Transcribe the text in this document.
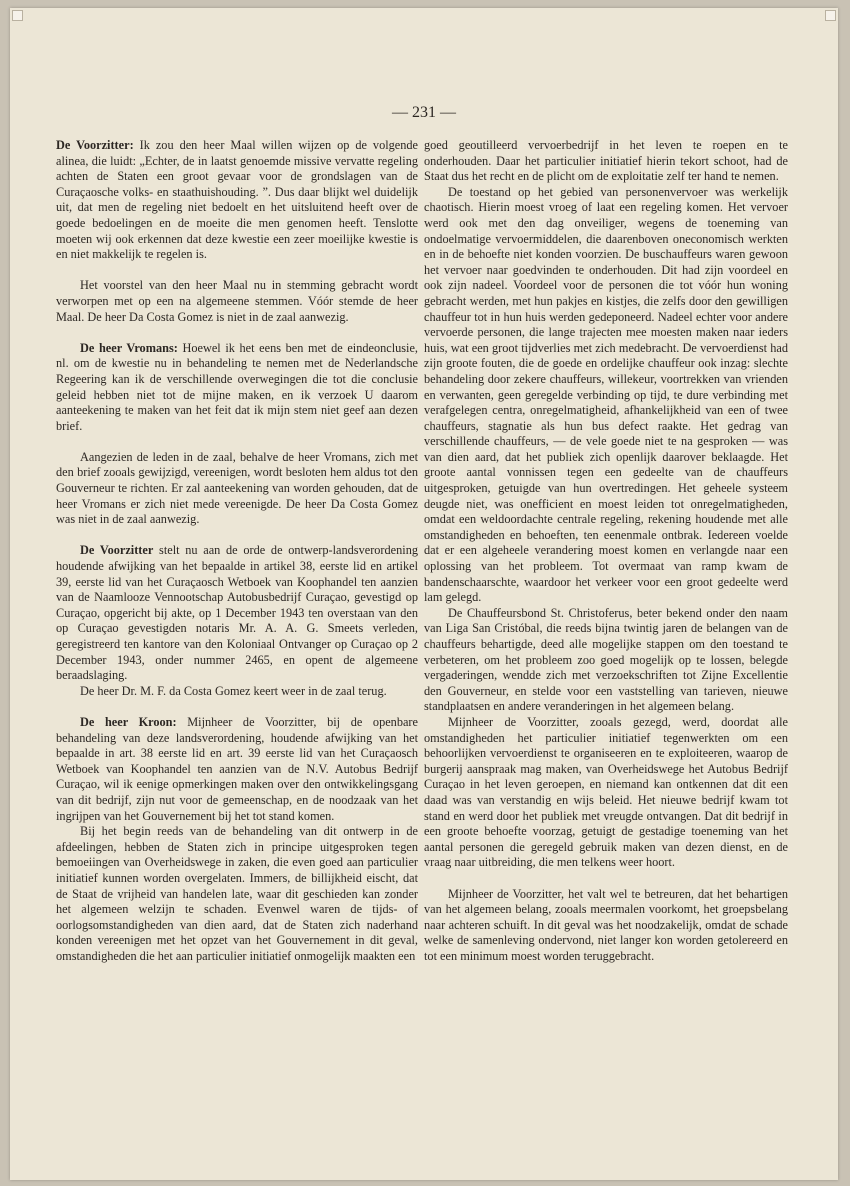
— 231 —

De Voorzitter: Ik zou den heer Maal willen wijzen op de volgende alinea, die luidt: „Echter, de in laatst genoemde missive vervatte regeling achten de Staten een groot gevaar voor de grondslagen van de Curaçaosche volks- en staathuishouding. ”. Dus daar blijkt wel duidelijk uit, dat men de regeling niet bedoelt en het uitsluitend heeft over de goede bedoelingen en de moeite die men genomen heeft. Tenslotte moeten wij ook erkennen dat deze kwestie een zeer moeilijke kwestie is en niet makkelijk te regelen is.

Het voorstel van den heer Maal nu in stemming gebracht wordt verworpen met op een na algemeene stemmen. Vóór stemde de heer Maal. De heer Da Costa Gomez is niet in de zaal aanwezig.

De heer Vromans: Hoewel ik het eens ben met de eindeonclusie, nl. om de kwestie nu in behandeling te nemen met de Nederlandsche Regeering kan ik de verschillende overwegingen die tot die conclusie geleid hebben niet tot de mijne maken, en ik verzoek U daarom aanteekening te maken van het feit dat ik mijn stem niet geef aan dezen brief.

Aangezien de leden in de zaal, behalve de heer Vromans, zich met den brief zooals gewijzigd, vereenigen, wordt besloten hem aldus tot den Gouverneur te richten. Er zal aanteekening van worden gehouden, dat de heer Vromans er zich niet mede vereenigde. De heer Da Costa Gomez was niet in de zaal aanwezig.

De Voorzitter stelt nu aan de orde de ontwerp-landsverordening houdende afwijking van het bepaalde in artikel 38, eerste lid en artikel 39, eerste lid van het Curaçaosch Wetboek van Koophandel ten aanzien van de Naamlooze Vennootschap Autobusbedrijf Curaçao, gevestigd op Curaçao, opgericht bij akte, op 1 December 1943 ten overstaan van den op Curaçao gevestigden notaris Mr. A. A. G. Smeets verleden, geregistreerd ten kantore van den Koloniaal Ontvanger op Curaçao op 2 December 1943, onder nummer 2465, en opent de algemeene beraadslaging.

De heer Dr. M. F. da Costa Gomez keert weer in de zaal terug.

De heer Kroon: Mijnheer de Voorzitter, bij de openbare behandeling van deze landsverordening, houdende afwijking van het bepaalde in art. 38 eerste lid en art. 39 eerste lid van het Curaçaosch Wetboek van Koophandel ten aanzien van de N.V. Autobus Bedrijf Curaçao, wil ik eenige opmerkingen maken over den ontwikkelingsgang van dit bedrijf, zijn nut voor de gemeenschap, en de noodzaak van het ingrijpen van het Gouvernement bij het tot stand komen.

Bij het begin reeds van de behandeling van dit ontwerp in de afdeelingen, hebben de Staten zich in principe uitgesproken tegen bemoeiingen van Overheidswege in zaken, die even goed aan particulier initiatief kunnen worden overgelaten. Immers, de billijkheid eischt, dat de Staat de vrijheid van handelen late, waar dit geschieden kan zonder het algemeen welzijn te schaden. Evenwel waren de tijds- of oorlogsomstandigheden van dien aard, dat de Staten zich naderhand konden vereenigen met het opzet van het Gouvernement in dit geval, omstandigheden die het aan particulier initiatief onmogelijk maakten een

goed geoutilleerd vervoerbedrijf in het leven te roepen en te onderhouden. Daar het particulier initiatief hierin tekort schoot, had de Staat dus het recht en de plicht om de exploitatie zelf ter hand te nemen.

De toestand op het gebied van personenvervoer was werkelijk chaotisch. Hierin moest vroeg of laat een regeling komen. Het vervoer werd ook met den dag onveiliger, wegens de toeneming van ondoelmatige vervoermiddelen, die daarenboven oneconomisch werkten en in de behoefte niet konden voorzien. De buschauffeurs waren gewoon het vervoer naar goedvinden te onderhouden. Dit had zijn voordeel en ook zijn nadeel. Voordeel voor de personen die tot vóór hun woning gebracht werden, met hun pakjes en kistjes, die zelfs door den gewilligen chauffeur tot in hun huis werden gedeponeerd. Nadeel echter voor andere vervoerde personen, die lange trajecten mee moesten maken naar ieders huis, wat een groot tijdverlies met zich medebracht. De vervoerdienst had zijn groote fouten, die de goede en ordelijke chauffeur ook inzag: slechte behandeling door zekere chauffeurs, willekeur, voortrekken van vrienden en verwanten, geen geregelde verbinding op tijd, te dure verbinding met verafgelegen centra, onregelmatigheid, afhankelijkheid van een of twee chauffeurs, stagnatie als hun bus defect raakte. Het gedrag van verschillende chauffeurs, — de vele goede niet te na gesproken — was van dien aard, dat het publiek zich openlijk daarover beklaagde. Het groote aantal vonnissen tegen een gedeelte van de chauffeurs uitgesproken, getuigde van hun overtredingen. Het geheele systeem deugde niet, was onefficient en moest leiden tot onregelmatigheden, omdat een weldoordachte centrale regeling, rekening houdende met alle omstandigheden en behoeften, ten eenenmale ontbrak. Iedereen voelde dat er een algeheele verandering moest komen en verlangde naar een oplossing van het probleem. Tot overmaat van ramp kwam de bandenschaarschte, waardoor het verkeer voor een groot gedeelte werd lam gelegd.

De Chauffeursbond St. Christoferus, beter bekend onder den naam van Liga San Cristóbal, die reeds bijna twintig jaren de belangen van de chauffeurs behartigde, deed alle mogelijke stappen om den toestand te verbeteren, om het probleem zoo goed mogelijk op te lossen, belegde vergaderingen, wendde zich met verzoekschriften tot Zijne Excellentie den Gouverneur, en stelde voor een vaststelling van tarieven, nieuwe standplaatsen en andere veranderingen in het algemeen belang.

Mijnheer de Voorzitter, zooals gezegd, werd, doordat alle omstandigheden het particulier initiatief tegenwerkten om een behoorlijken vervoerdienst te organiseeren en te exploiteeren, waarop de burgerij aanspraak mag maken, van Overheidswege het Autobus Bedrijf Curaçao in het leven geroepen, en niemand kan ontkennen dat dit een daad was van verstandig en wijs beleid. Het nieuwe bedrijf kwam tot stand en werd door het publiek met vreugde ontvangen. Dat dit bedrijf in een groote behoefte voorzag, getuigt de gestadige toeneming van het aantal personen die geregeld gebruik maken van dezen dienst, en de vraag naar uitbreiding, die men telkens weer hoort.

Mijnheer de Voorzitter, het valt wel te betreuren, dat het behartigen van het algemeen belang, zooals meermalen voorkomt, het groepsbelang naar achteren schuift. In dit geval was het noodzakelijk, omdat de schade welke de samenleving ondervond, niet langer kon worden getolereerd en tot een minimum moest worden teruggebracht.
